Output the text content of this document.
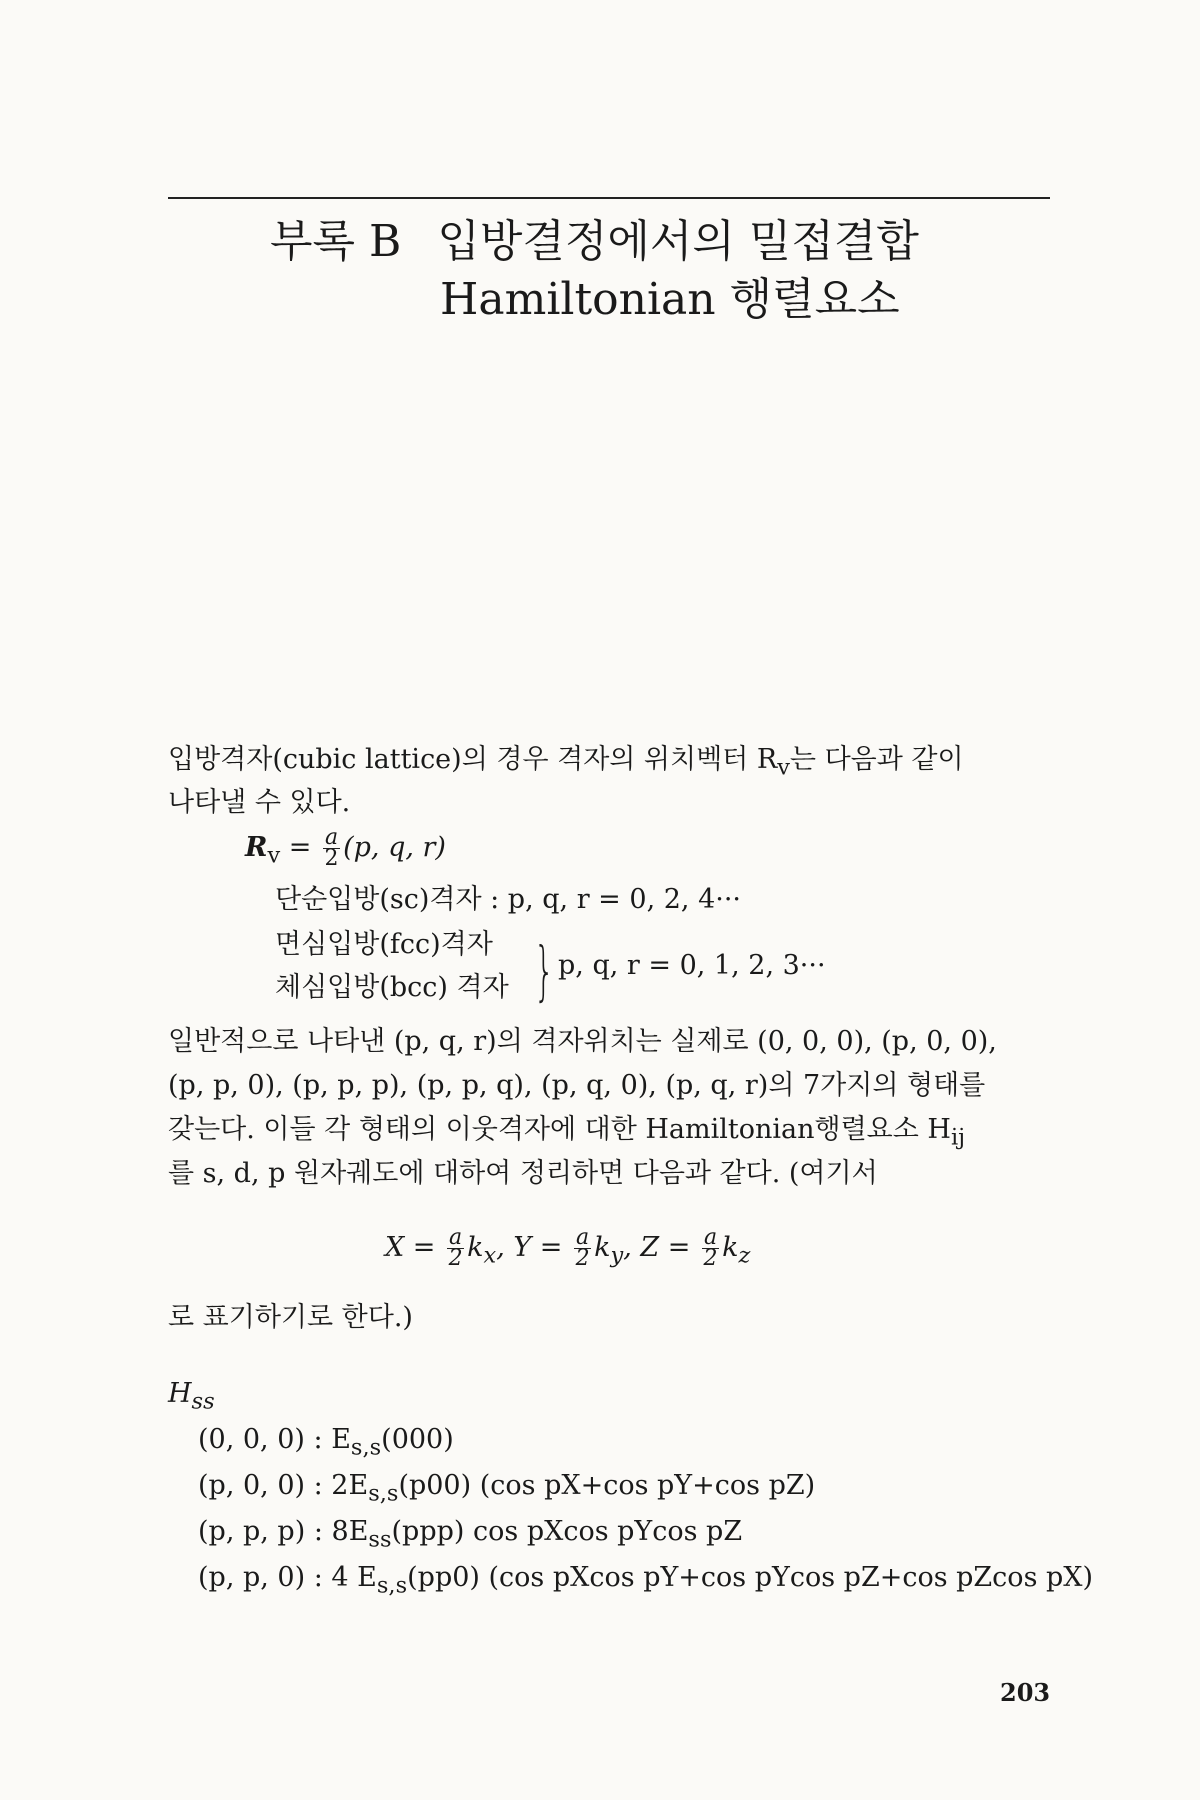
부록 B 입방결정에서의 밀접결합
Hamiltonian 행렬요소
입방격자(cubic lattice)의 경우 격자의 위치벡터 $R_v$는 다음과 같이
나타낼 수 있다.
$R_v = \frac{a}{2} (p$, q, r)
단순입방(sc)격자 : p, q, r = 0, 2, 4···
면심입방(fcc)격자
체심입방(bcc) 격자 } p, q, r = 0, 1, 2, 3···
일반적으로 나타낸 (p, q, r)의 격자위치는 실제로 (0, 0, 0), (p, 0, 0),
(p, p, 0), (p, p, p), (p, p, q), (p, q, 0), (p, q, r)의 7가지의 형태를
갖는다. 이들 각 형태의 이웃격자에 대한 Hamiltonian행렬요소 $H_{ij}$
를 s, d, p 원자궤도에 대하여 정리하면 다음과 같다. (여기서
$X = \frac{a}{2} k_x$, $Y = \frac{a}{2} k_y$, $Z = \frac{a}{2} k_z$
로 표기하기로 한다.)
$H_{ss}$
(0, 0, 0) : $E_{s,s}(000)$
(p, 0, 0) : $2E_{s,s}(p00)$ (cos pX+cos pY+cos pZ)
(p, p, p) : $8E_{ss}(ppp)$ cos pXcos pYcos pZ
(p, p, 0) : 4 $E_{s,s}(pp0)$ (cos pXcos pY+cos pYcos pZ+cos pZcos pX)
203
